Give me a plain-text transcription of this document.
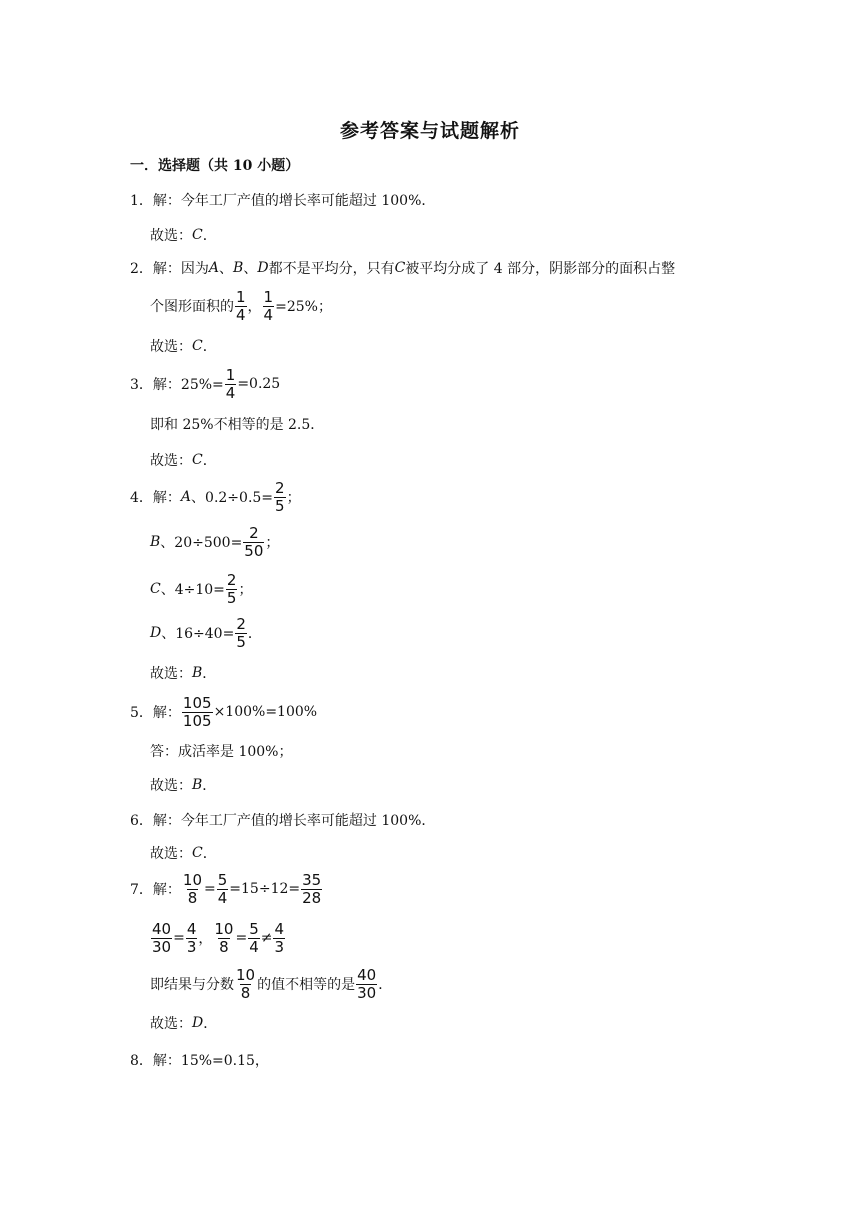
参考答案与试题解析
一．选择题（共 10 小题）
1．解：今年工厂产值的增长率可能超过 100%．
故选： C ．
2．解：因为 A 、 B 、 D 都不是平均分，只有 C 被平均分成了 4 部分，阴影部分的面积占整
个图形面积的 $\frac{1}{4}$ ， $\frac{1}{4} =25\%$；
故选： C ．
3．解：$25\%= \frac{1}{4} =0.25$
即和 25%不相等的是 2.5．
故选： C ．
4．解： A 、$0.2\div 0.5= \frac{2}{5}$ ；
B 、$20\div 500= \frac{2}{50}$ ；
C 、$4\div 10= \frac{2}{5}$ ；
D 、$16\div 40= \frac{2}{5}$ ．
故选： B ．
5．解： $\frac{105}{105} \times 100\%=100\%$
答：成活率是 100%；
故选： B ．
6．解：今年工厂产值的增长率可能超过 100%．
故选： C ．
7．解： $\frac{10}{8} = \frac{5}{4} =15\div 12= \frac{35}{28}$
$\frac{40}{30} = \frac{4}{3}$ ， $\frac{10}{8} = \frac{5}{4} \ne \frac{4}{3}$
即结果与分数 $\frac{10}{8}$ 的值不相等的是 $\frac{40}{30}$ ．
故选： D ．
8．解：15%=0.15，
